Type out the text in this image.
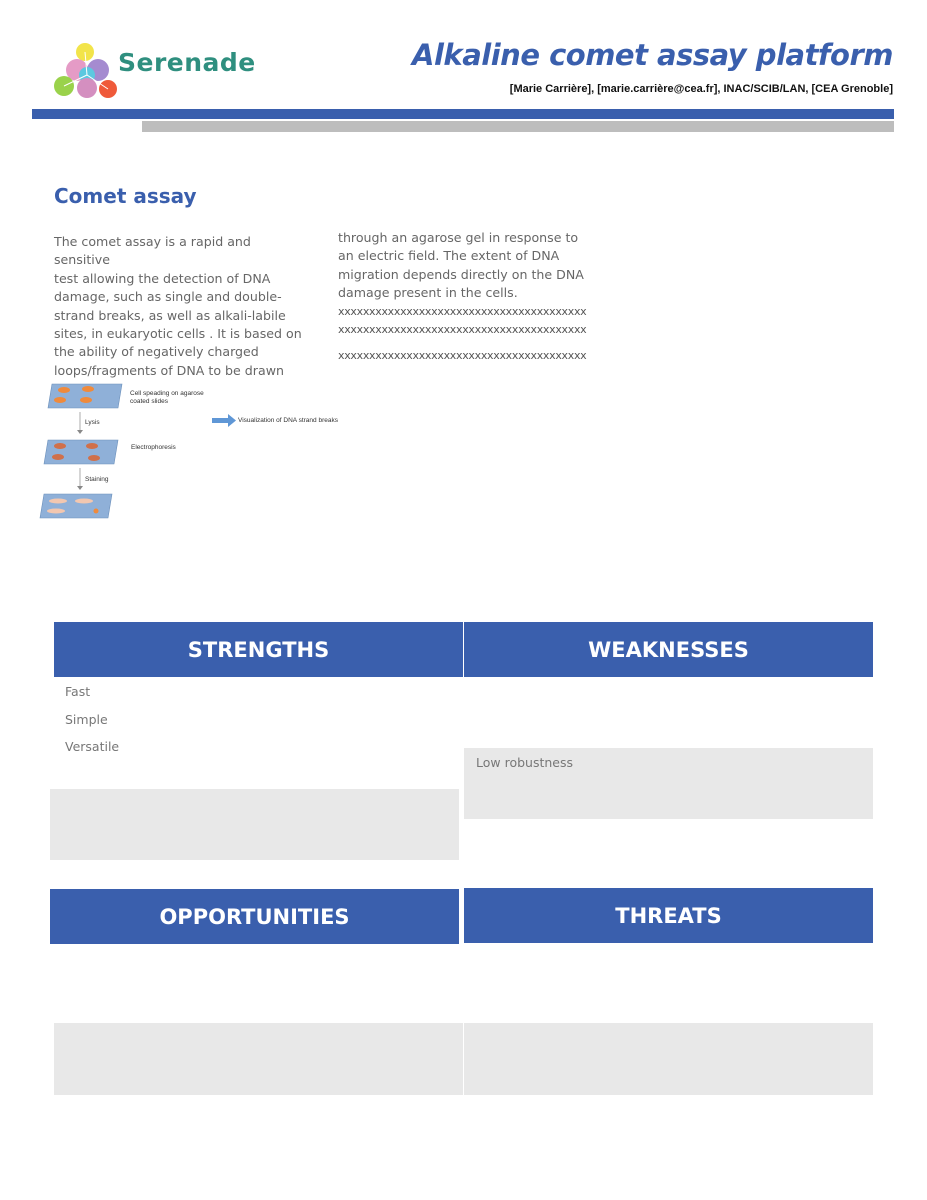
Serenade	Alkaline comet assay platform
[Marie Carrière], [marie.carrière@cea.fr], INAC/SCIB/LAN, [CEA Grenoble]
Comet assay
The comet assay is a rapid and sensitive
test allowing the detection of DNA
damage, such as single and double-
strand breaks, as well as alkali-labile
sites, in eukaryotic cells . It is based on
the ability of negatively charged
loops/fragments of DNA to be drawn
through an agarose gel in response to
an electric field. The extent of DNA
migration depends directly on the DNA
damage present in the cells.
xxxxxxxxxxxxxxxxxxxxxxxxxxxxxxxxxxxxxxxx
xxxxxxxxxxxxxxxxxxxxxxxxxxxxxxxxxxxxxxxx
xxxxxxxxxxxxxxxxxxxxxxxxxxxxxxxxxxxxxxxx
Cell speading on agarose
coated slides
Lysis
Electrophoresis
Staining
Visualization of DNA strand breaks
STRENGTHS
Fast
Simple
Versatile
WEAKNESSES
Low robustness
OPPORTUNITIES	THREATS
